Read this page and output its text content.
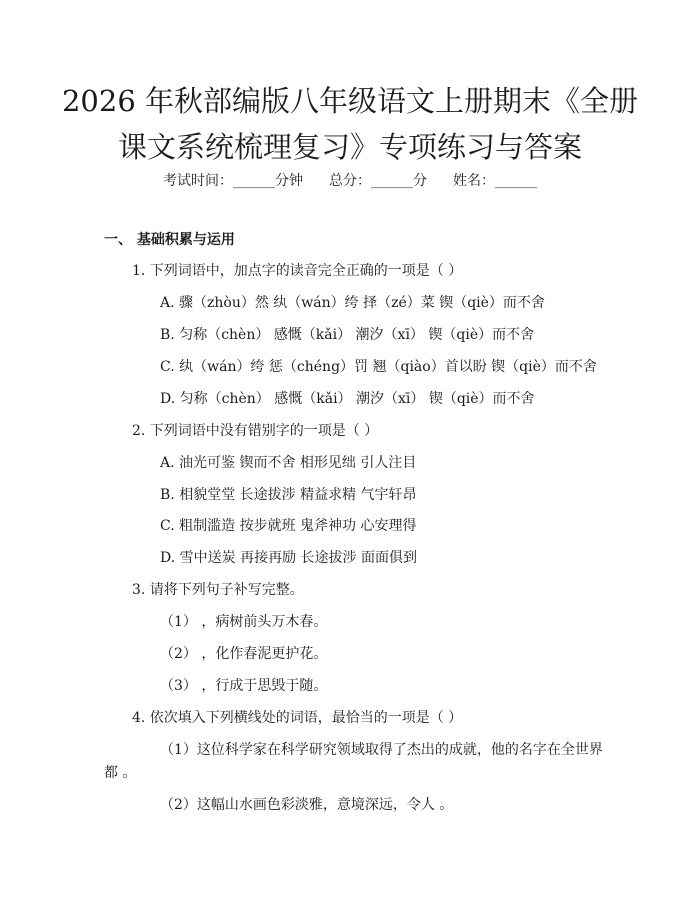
2026 年秋部编版八年级语文上册期末《全册
课文系统梳理复习》专项练习与答案
考试时间：______分钟 总分：______分 姓名：______
一、 基础积累与运用
1. 下列词语中，加点字的读音完全正确的一项是（ ）
A. 骤（zhòu）然 纨（wán）绔 择（zé）菜 锲（qiè）而不舍
B. 匀称（chèn） 感慨（kǎi） 潮汐（xī） 锲（qiè）而不舍
C. 纨（wán）绔 惩（chéng）罚 翘（qiào）首以盼 锲（qiè）而不舍
D. 匀称（chèn） 感慨（kǎi） 潮汐（xī） 锲（qiè）而不舍
2. 下列词语中没有错别字的一项是（ ）
A. 油光可鉴 锲而不舍 相形见绌 引人注目
B. 相貌堂堂 长途拔涉 精益求精 气宇轩昂
C. 粗制滥造 按步就班 鬼斧神功 心安理得
D. 雪中送炭 再接再励 长途拔涉 面面俱到
3. 请将下列句子补写完整。
（1） ，病树前头万木春。
（2） ，化作春泥更护花。
（3） ，行成于思毁于随。
4. 依次填入下列横线处的词语，最恰当的一项是（ ）
（1）这位科学家在科学研究领域取得了杰出的成就，他的名字在全世界
都 。
（2）这幅山水画色彩淡雅，意境深远，令人 。
